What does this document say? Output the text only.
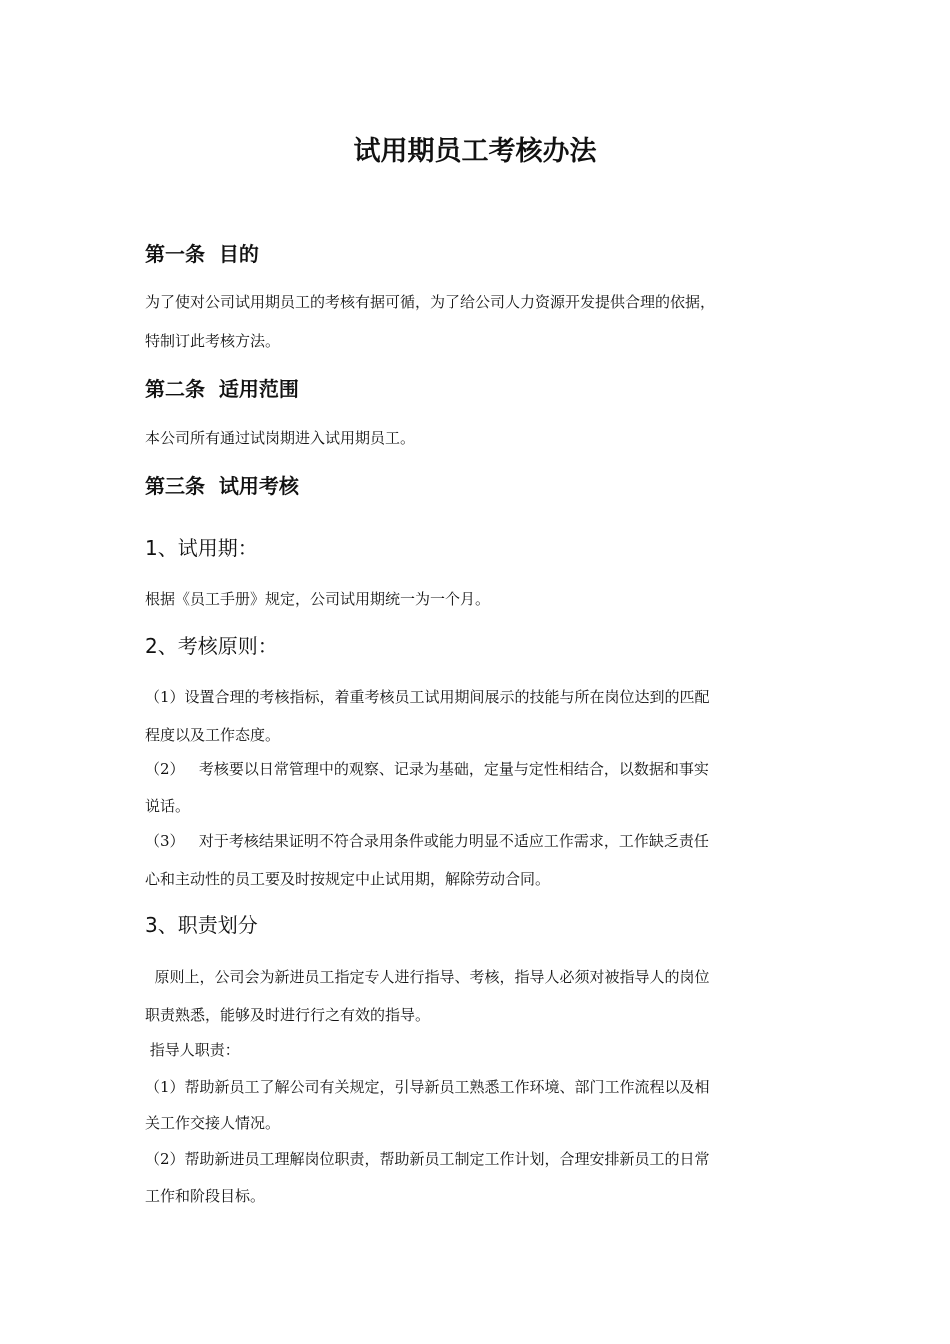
试用期员工考核办法
第一条  目的
为了使对公司试用期员工的考核有据可循，为了给公司人力资源开发提供合理的依据，
特制订此考核方法。
第二条  适用范围
本公司所有通过试岗期进入试用期员工。
第三条  试用考核
1、试用期：
根据《员工手册》规定，公司试用期统一为一个月。
2、考核原则：
（1）设置合理的考核指标，着重考核员工试用期间展示的技能与所在岗位达到的匹配
程度以及工作态度。
（2）   考核要以日常管理中的观察、记录为基础，定量与定性相结合，以数据和事实
说话。
（3）   对于考核结果证明不符合录用条件或能力明显不适应工作需求，工作缺乏责任
心和主动性的员工要及时按规定中止试用期，解除劳动合同。
3、职责划分
原则上，公司会为新进员工指定专人进行指导、考核，指导人必须对被指导人的岗位
职责熟悉，能够及时进行行之有效的指导。
指导人职责：
（1）帮助新员工了解公司有关规定，引导新员工熟悉工作环境、部门工作流程以及相
关工作交接人情况。
（2）帮助新进员工理解岗位职责，帮助新员工制定工作计划，合理安排新员工的日常
工作和阶段目标。
